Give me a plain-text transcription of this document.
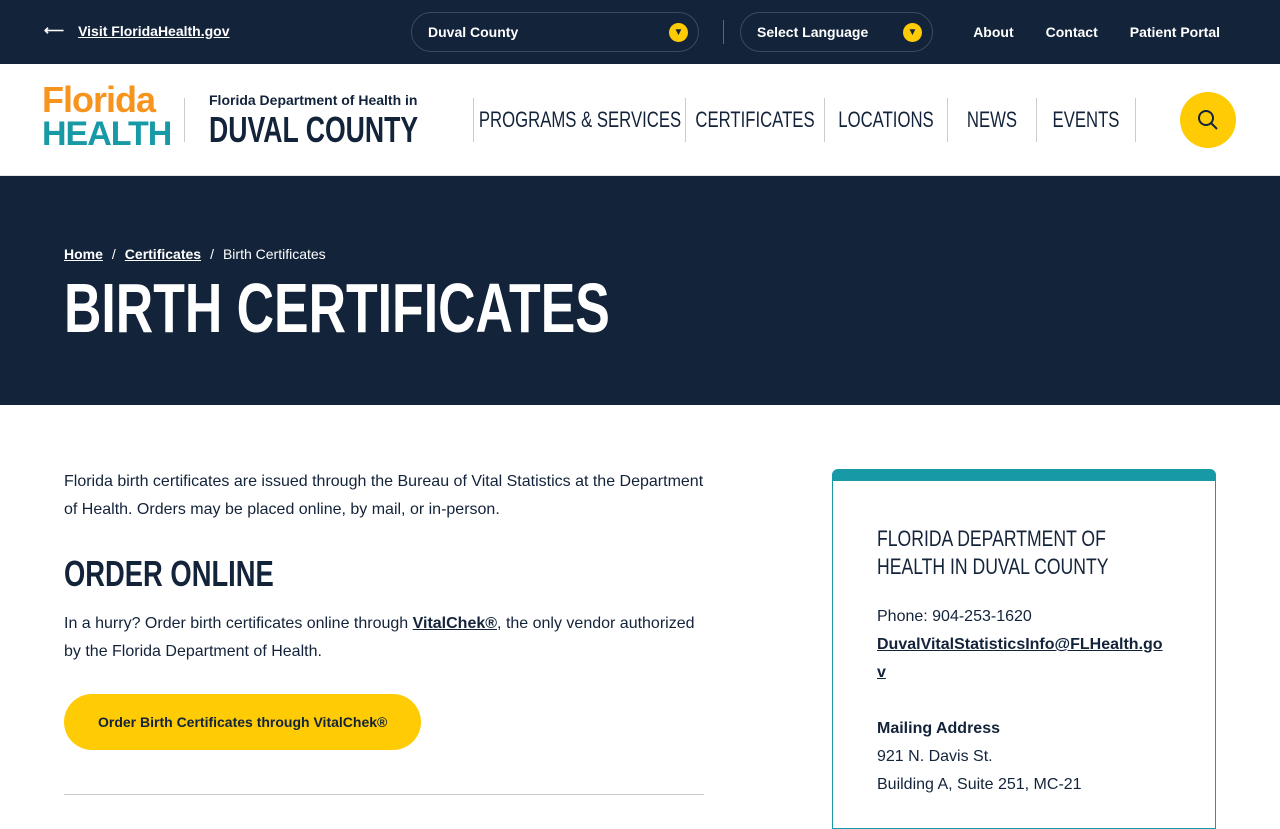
⟵ Visit FloridaHealth.gov	Duval County	▼	Select Language	▼	About Contact Patient Portal
Florida
HEALTH
Florida Department of Health in
DUVAL COUNTY	PROGRAMS & SERVICES CERTIFICATES LOCATIONS NEWS EVENTS
Home / Certificates / Birth Certificates
BIRTH CERTIFICATES

Florida birth certificates are issued through the Bureau of Vital Statistics at the Department of Health. Orders may be placed online, by mail, or in-person.

ORDER ONLINE

In a hurry? Order birth certificates online through VitalChek®, the only vendor authorized by the Florida Department of Health.

Order Birth Certificates through VitalChek®
FLORIDA DEPARTMENT OF HEALTH IN DUVAL COUNTY
Phone: 904-253-1620
DuvalVitalStatisticsInfo@FLHealth.gov
Mailing Address
921 N. Davis St.
Building A, Suite 251, MC-21
